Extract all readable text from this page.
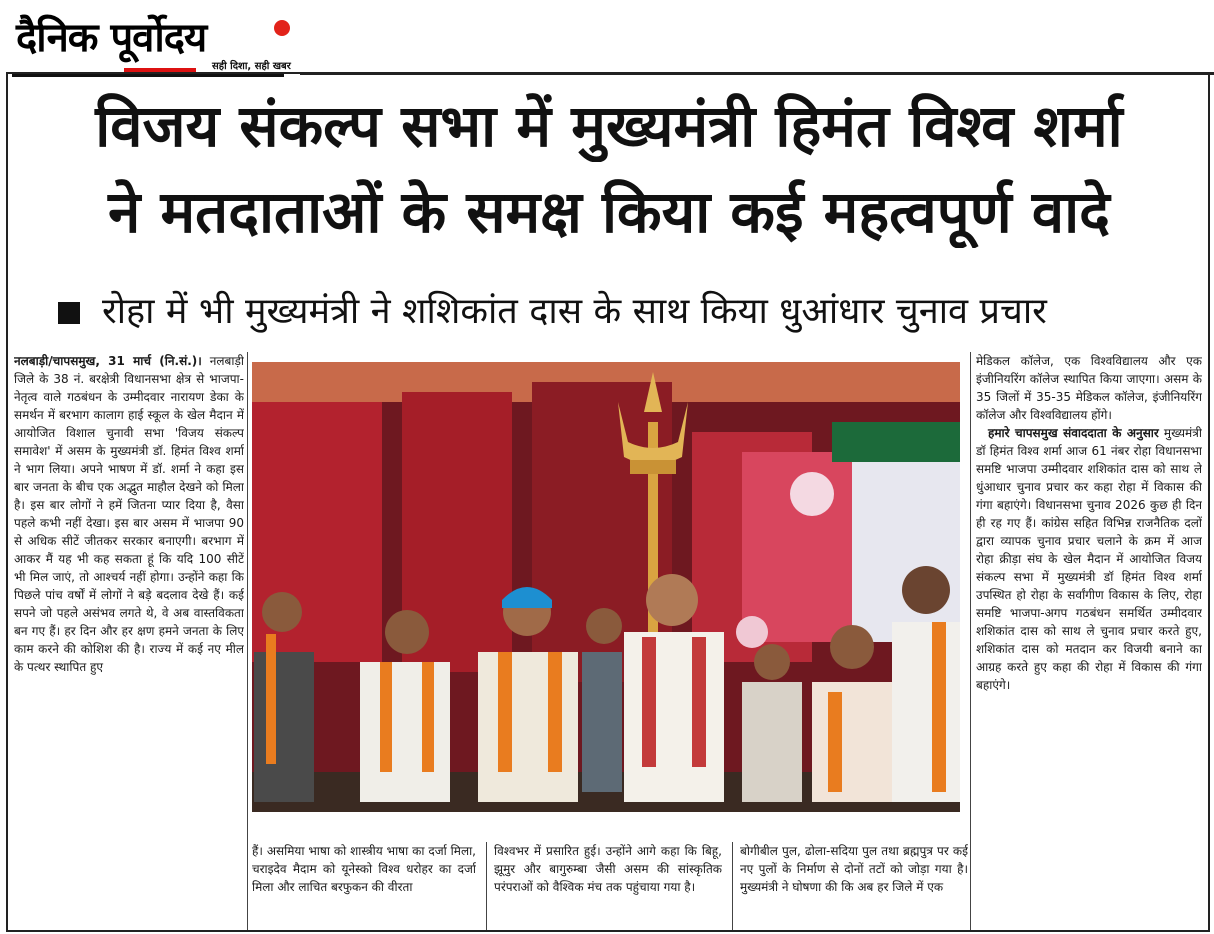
दैनिक पूर्वोदय
सही दिशा, सही खबर
विजय संकल्प सभा में मुख्यमंत्री हिमंत विश्व शर्मा
ने मतदाताओं के समक्ष किया कई महत्वपूर्ण वादे
रोहा में भी मुख्यमंत्री ने शशिकांत दास के साथ किया धुआंधार चुनाव प्रचार

नलबाड़ी/चापसमुख, 31 मार्च (नि.सं.)। नलबाड़ी जिले के 38 नं. बरक्षेत्री विधानसभा क्षेत्र से भाजपा-नेतृत्व वाले गठबंधन के उम्मीदवार नारायण डेका के समर्थन में बरभाग कालाग हाई स्कूल के खेल मैदान में आयोजित विशाल चुनावी सभा 'विजय संकल्प समावेश' में असम के मुख्यमंत्री डॉ. हिमंत विश्व शर्मा ने भाग लिया। अपने भाषण में डॉ. शर्मा ने कहा इस बार जनता के बीच एक अद्भुत माहौल देखने को मिला है। इस बार लोगों ने हमें जितना प्यार दिया है, वैसा पहले कभी नहीं देखा। इस बार असम में भाजपा 90 से अधिक सीटें जीतकर सरकार बनाएगी। बरभाग में आकर मैं यह भी कह सकता हूं कि यदि 100 सीटें भी मिल जाएं, तो आश्चर्य नहीं होगा। उन्होंने कहा कि पिछले पांच वर्षों में लोगों ने बड़े बदलाव देखे हैं। कई सपने जो पहले असंभव लगते थे, वे अब वास्तविकता बन गए हैं। हर दिन और हर क्षण हमने जनता के लिए काम करने की कोशिश की है। राज्य में कई नए मील के पत्थर स्थापित हुए

हैं। असमिया भाषा को शास्त्रीय भाषा का दर्जा मिला, चराइदेव मैदाम को यूनेस्को विश्व धरोहर का दर्जा मिला और लाचित बरफुकन की वीरता

विश्वभर में प्रसारित हुई। उन्होंने आगे कहा कि बिहू, झूमुर और बागुरुम्बा जैसी असम की सांस्कृतिक परंपराओं को वैश्विक मंच तक पहुंचाया गया है।

बोगीबील पुल, ढोला-सदिया पुल तथा ब्रह्मपुत्र पर कई नए पुलों के निर्माण से दोनों तटों को जोड़ा गया है। मुख्यमंत्री ने घोषणा की कि अब हर जिले में एक

मेडिकल कॉलेज, एक विश्वविद्यालय और एक इंजीनियरिंग कॉलेज स्थापित किया जाएगा। असम के 35 जिलों में 35-35 मेडिकल कॉलेज, इंजीनियरिंग कॉलेज और विश्वविद्यालय होंगे।

हमारे चापसमुख संवाददाता के अनुसार मुख्यमंत्री डॉ हिमंत विश्व शर्मा आज 61 नंबर रोहा विधानसभा समष्टि भाजपा उम्मीदवार शशिकांत दास को साथ ले धुंआधार चुनाव प्रचार कर कहा रोहा में विकास की गंगा बहाएंगे। विधानसभा चुनाव 2026 कुछ ही दिन ही रह गए हैं। कांग्रेस सहित विभिन्न राजनैतिक दलों द्वारा व्यापक चुनाव प्रचार चलाने के क्रम में आज रोहा क्रीड़ा संघ के खेल मैदान में आयोजित विजय संकल्प सभा में मुख्यमंत्री डॉ हिमंत विश्व शर्मा उपस्थित हो रोहा के सर्वांगीण विकास के लिए, रोहा समष्टि भाजपा-अगप गठबंधन समर्थित उम्मीदवार शशिकांत दास को साथ ले चुनाव प्रचार करते हुए, शशिकांत दास को मतदान कर विजयी बनाने का आग्रह करते हुए कहा की रोहा में विकास की गंगा बहाएंगे।
